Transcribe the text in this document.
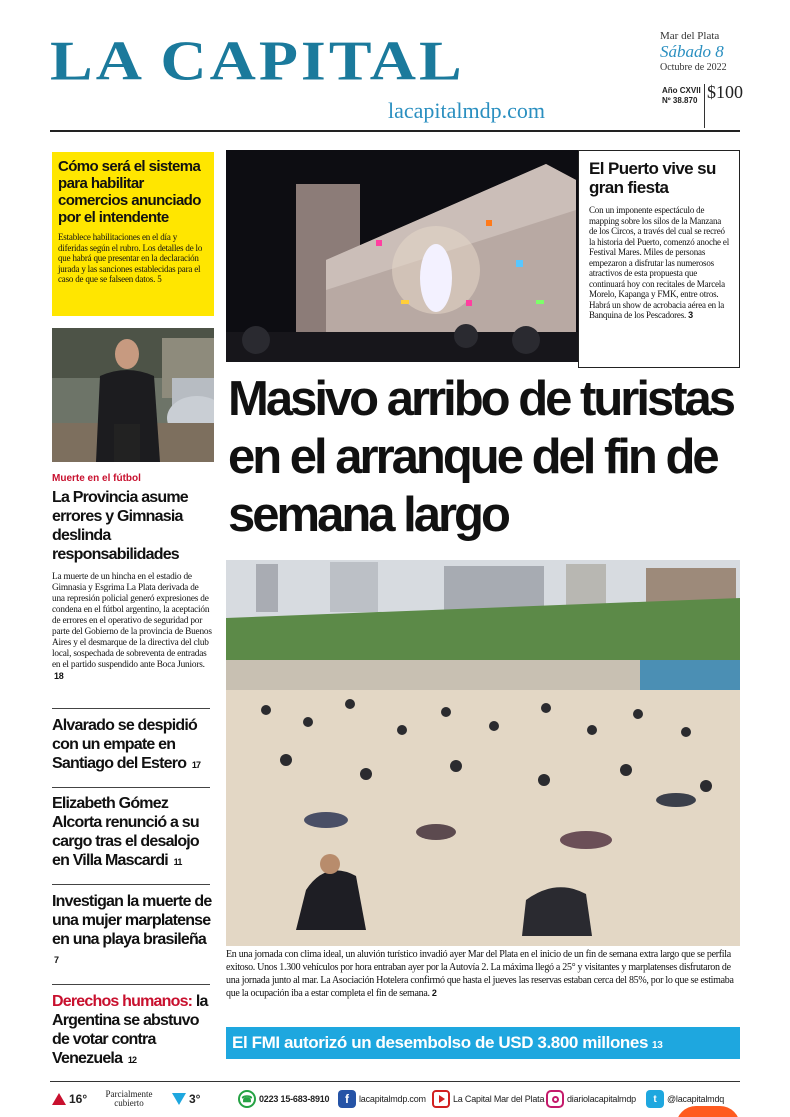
LA CAPITAL
lacapitalmdp.com
Mar del Plata
Sábado 8
Octubre de 2022
Año CXVII
Nº 38.870 $100
Cómo será el sistema para habilitar comercios anunciado por el intendente

Establece habilitaciones en el día y diferidas según el rubro. Los detalles de lo que habrá que presentar en la declaración jurada y las sanciones establecidas para el caso de que se falseen datos. 5

Muerte en el fútbol
La Provincia asume errores y Gimnasia deslinda responsabilidades

La muerte de un hincha en el estadio de Gimnasia y Esgrima La Plata derivada de una represión policial generó expresiones de condena en el fútbol argentino, la aceptación de errores en el operativo de seguridad por parte del Gobierno de la provincia de Buenos Aires y el desmarque de la directiva del club local, sospechada de sobreventa de entradas en el partido suspendido ante Boca Juniors. 18

Alvarado se despidió con un empate en Santiago del Estero 17
Elizabeth Gómez Alcorta renunció a su cargo tras el desalojo en Villa Mascardi 11
Investigan la muerte de una mujer marplatense en una playa brasileña 7
Derechos humanos: la Argentina se abstuvo de votar contra Venezuela 12
El Puerto vive su gran fiesta

Con un imponente espectáculo de mapping sobre los silos de la Manzana de los Circos, a través del cual se recreó la historia del Puerto, comenzó anoche el Festival Mares. Miles de personas empezaron a disfrutar las numerosos atractivos de esta propuesta que continuará hoy con recitales de Marcela Morelo, Kapanga y FMK, entre otros. Habrá un show de acrobacia aérea en la Banquina de los Pescadores. 3

Masivo arribo de turistas en el arranque del fin de semana largo
En una jornada con clima ideal, un aluvión turístico invadió ayer Mar del Plata en el inicio de un fin de semana extra largo que se perfila exitoso. Unos 1.300 vehículos por hora entraban ayer por la Autovía 2. La máxima llegó a 25° y visitantes y marplatenses disfrutaron de una jornada junto al mar. La Asociación Hotelera confirmó que hasta el jueves las reservas estaban cerca del 85%, por lo que se estimaba que la ocupación iba a estar completa el fin de semana. 2
El FMI autorizó un desembolso de USD 3.800 millones 13
16°	Parcialmente cubierto	3°	☎ 0223 15-683-8910	f	lacapitalmdp.com	La Capital Mar del Plata	diariolacapitalmdp	t	@lacapitalmdq
